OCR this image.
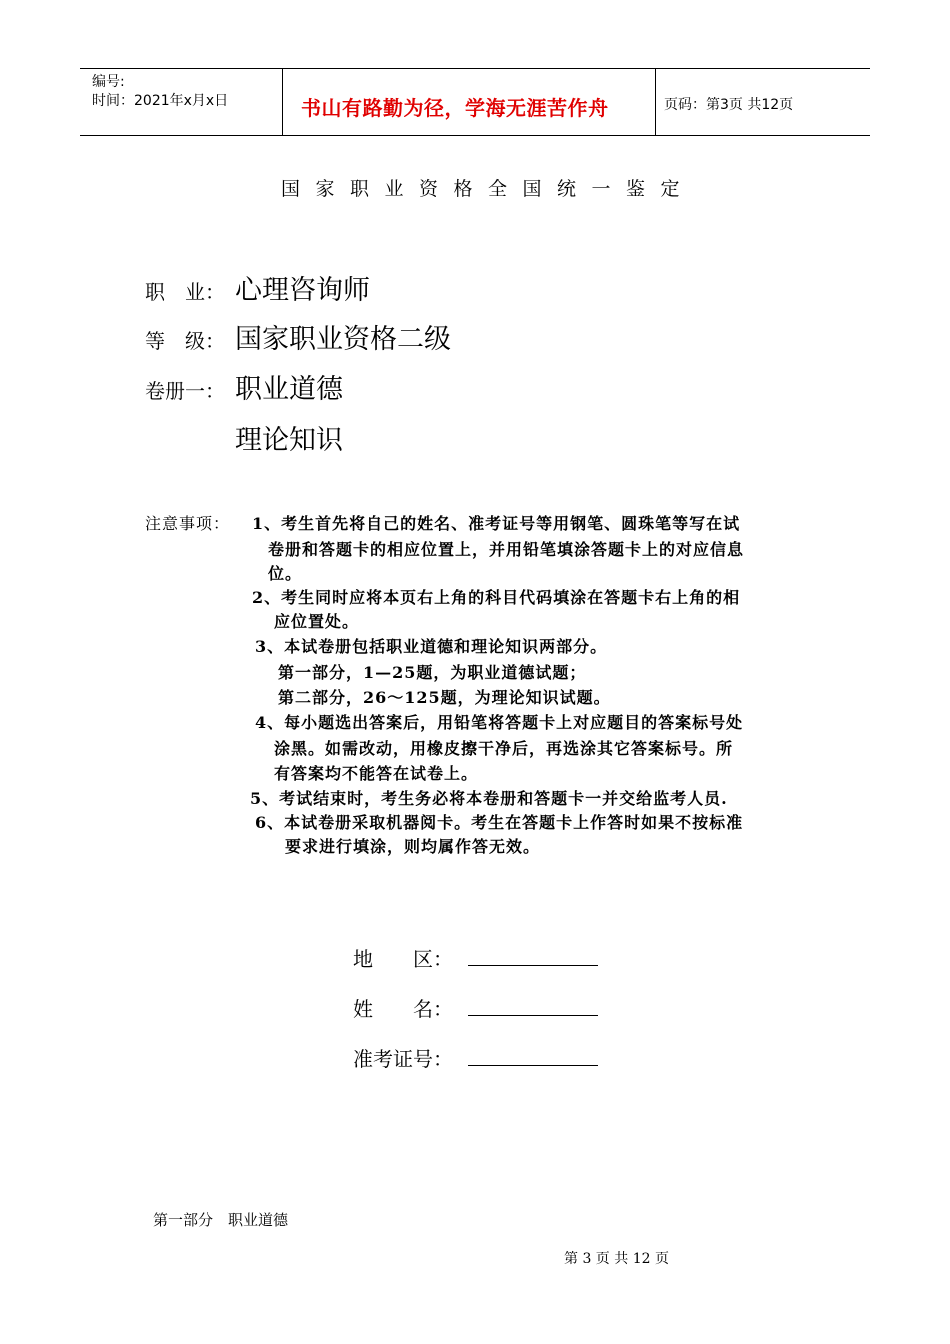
编号:
时间：2021年x月x日	书山有路勤为径，学海无涯苦作舟	页码：第3页 共12页
国家职业资格全国统一鉴定
职　业： 心理咨询师
等　级： 国家职业资格二级
卷册一： 职业道德
理论知识
注意事项： 1、考生首先将自己的姓名、准考证号等用钢笔、圆珠笔等写在试
卷册和答题卡的相应位置上，并用铅笔填涂答题卡上的对应信息
位。
2、考生同时应将本页右上角的科目代码填涂在答题卡右上角的相
应位置处。
3、本试卷册包括职业道德和理论知识两部分。
第一部分，1—25题，为职业道德试题；
第二部分，26～125题，为理论知识试题。
4、每小题选出答案后，用铅笔将答题卡上对应题目的答案标号处
涂黑。如需改动，用橡皮擦干净后，再选涂其它答案标号。所
有答案均不能答在试卷上。
5、考试结束时，考生务必将本卷册和答题卡一并交给监考人员.
6、本试卷册采取机器阅卡。考生在答题卡上作答时如果不按标准
要求进行填涂，则均属作答无效。
地　　区：
姓　　名：
准考证号：
第一部分　职业道德
第 3 页 共 12 页
